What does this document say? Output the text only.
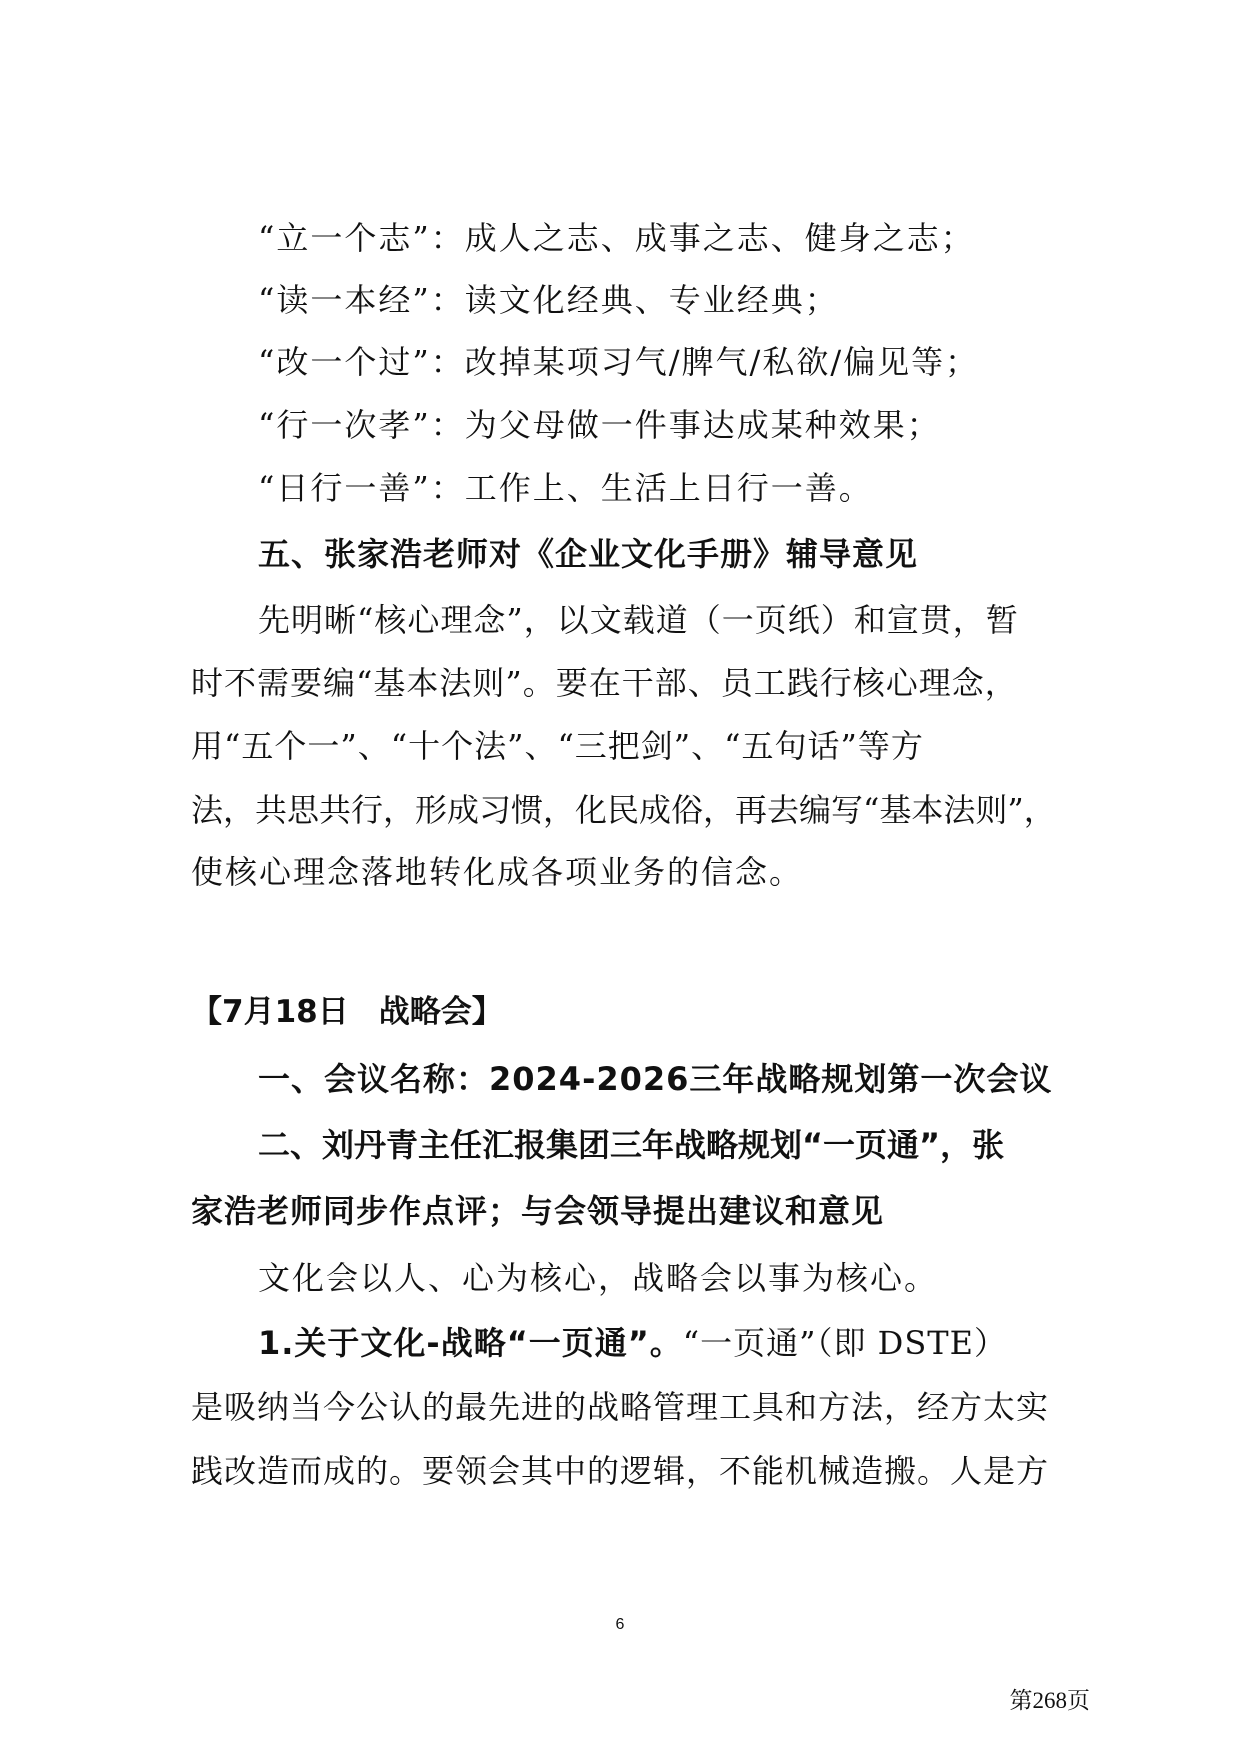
“立一个志”：成人之志、成事之志、健身之志；
“读一本经”：读文化经典、专业经典；
“改一个过”：改掉某项习气/脾气/私欲/偏见等；
“行一次孝”：为父母做一件事达成某种效果；
“日行一善”：工作上、生活上日行一善。
五、张家浩老师对《企业文化手册》辅导意见
先明晰“核心理念”，以文载道（一页纸）和宣贯，暂
时不需要编“基本法则”。要在干部、员工践行核心理念，
用“五个一”、“十个法”、“三把剑”、“五句话”等方
法，共思共行，形成习惯，化民成俗，再去编写“基本法则”，
使核心理念落地转化成各项业务的信念。
【7月18日 战略会】
一、会议名称：2024-2026三年战略规划第一次会议
二、刘丹青主任汇报集团三年战略规划“一页通”，张
家浩老师同步作点评；与会领导提出建议和意见
文化会以人、心为核心，战略会以事为核心。
1.关于文化-战略“一页通”。“一页通”（即 DSTE）
是吸纳当今公认的最先进的战略管理工具和方法，经方太实
践改造而成的。要领会其中的逻辑，不能机械造搬。人是方
6
第268页
